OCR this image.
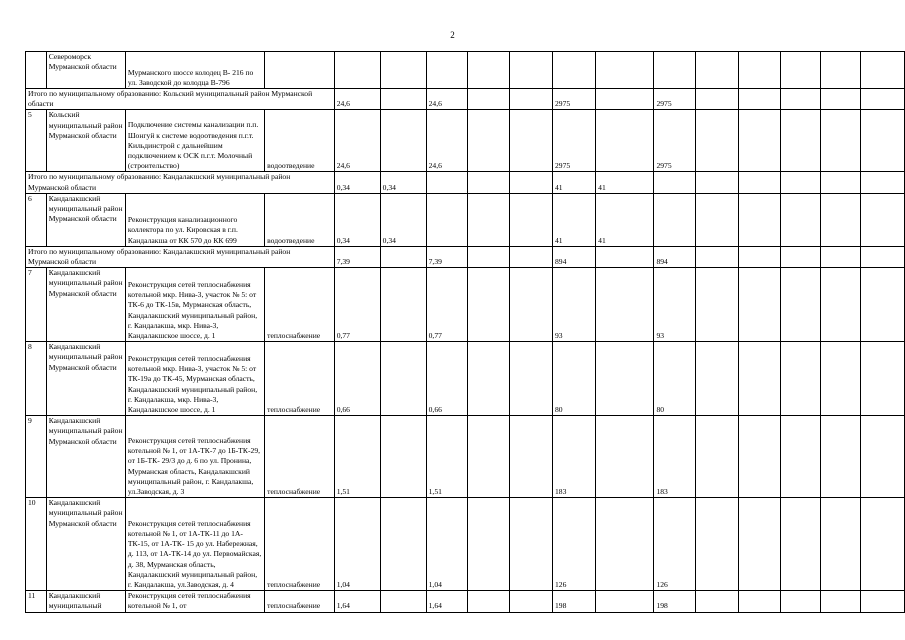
2
	Североморск Мурманской области	Мурманского шоссе колодец В- 216 по ул. Заводской до колодца В-796														
Итого по муниципальному образованию: Кольский муниципальный район Мурманской области				24,6		24,6			2975		2975					
5	Кольский муниципальный район Мурманской области	Подключение системы канализации п.п. Шонгуй к системе водоотведения п.г.т. Кильдинстрой с дальнейшим подключением к ОСК п.г.т. Молочный (строительство)	водоотведение	24,6		24,6			2975		2975					
Итого по муниципальному образованию: Кандалакшский муниципальный район Мурманской области				0,34	0,34				41	41						
6	Кандалакшский муниципальный район Мурманской области	Реконструкция канализационного коллектора по ул. Кировская в г.п. Кандалакша от КК 570 до КК 699	водоотведение	0,34	0,34				41	41						
Итого по муниципальному образованию: Кандалакшский муниципальный район Мурманской области				7,39		7,39			894		894					
7	Кандалакшский муниципальный район Мурманской области	Реконструкция сетей теплоснабжения котельной мкр. Нива-3, участок № 5: от ТК-6 до ТК-15в, Мурманская область, Кандалакшский муниципальный район, г. Кандалакша, мкр. Нива-3, Кандалакшское шоссе, д. 1	теплоснабжение	0,77		0,77			93		93					
8	Кандалакшский муниципальный район Мурманской области	Реконструкция сетей теплоснабжения котельной мкр. Нива-3, участок № 5: от ТК-19а до ТК-45, Мурманская область, Кандалакшский муниципальный район, г. Кандалакша, мкр. Нива-3, Кандалакшское шоссе, д. 1	теплоснабжение	0,66		0,66			80		80					
9	Кандалакшский муниципальный район Мурманской области	Реконструкция сетей теплоснабжения котельной № 1, от 1А-ТК-7 до 1Б-ТК-29, от 1Б-ТК- 29/3 до д. 6 по ул. Пронина, Мурманская область, Кандалакшский муниципальный район, г. Кандалакша, ул.Заводская, д. 3	теплоснабжение	1,51		1,51			183		183					
10	Кандалакшский муниципальный район Мурманской области	Реконструкция сетей теплоснабжения котельной № 1, от 1А-ТК-11 до 1А-ТК-15, от 1А-ТК- 15 до ул. Набережная, д. 113, от 1А-ТК-14 до ул. Первомайская, д. 38, Мурманская область, Кандалакшский муниципальный район, г. Кандалакша, ул.Заводская, д. 4	теплоснабжение	1,04		1,04			126		126					
11	Кандалакшский муниципальный	Реконструкция сетей теплоснабжения котельной № 1, от	теплоснабжение	1,64		1,64			198		198					
